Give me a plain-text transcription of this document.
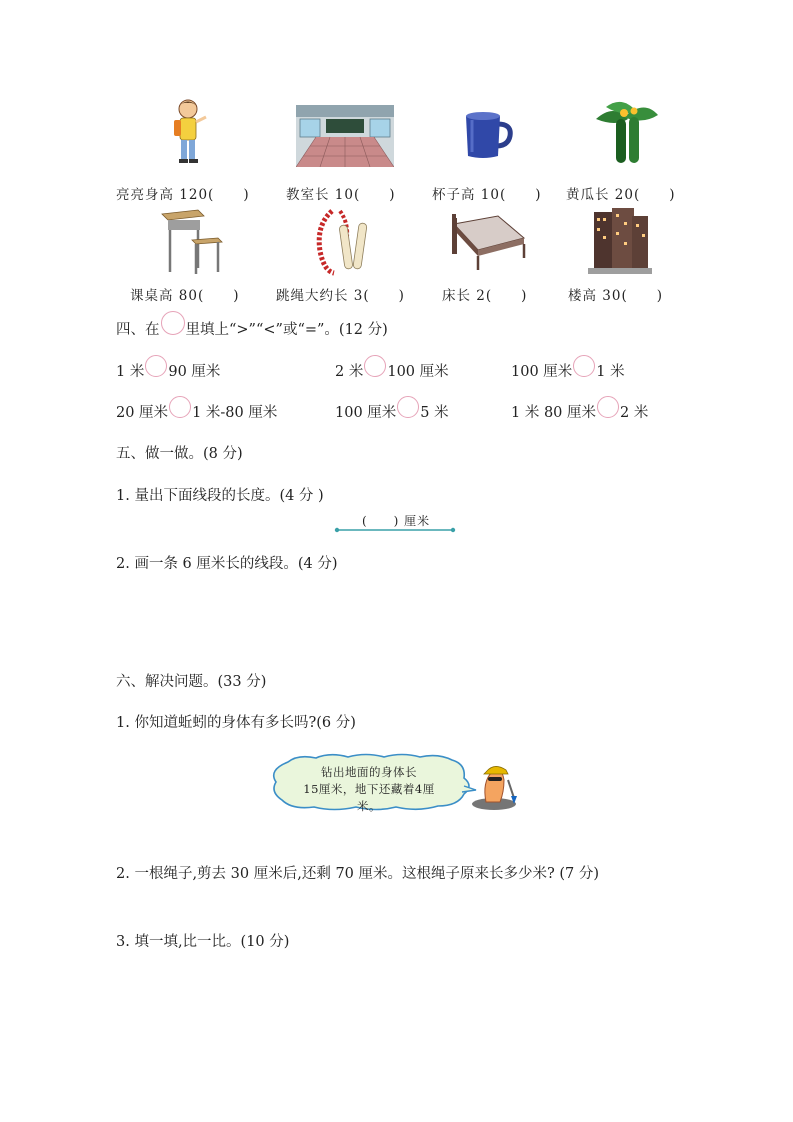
亮亮身高 120(　　)	教室长 10(　　)	杯子高 10(　　) 黄瓜长 20(　　)
课桌高 80(　　)	跳绳大约长 3(　　)	床长 2(　　)	楼高 30(　　)
四、在 里填上“>”“<”或“=”。(12 分)
1 米 90 厘米	2 米 100 厘米	100 厘米 1 米
20 厘米 1 米-80 厘米	100 厘米 5 米	1 米 80 厘米 2 米
五、做一做。(8 分)
1. 量出下面线段的长度。(4 分 )
(　　) 厘米
2. 画一条 6 厘米长的线段。(4 分)
六、解决问题。(33 分)
1. 你知道蚯蚓的身体有多长吗?(6 分)
钻出地面的身体长
15厘米，地下还藏着4厘米。
2. 一根绳子,剪去 30 厘米后,还剩 70 厘米。这根绳子原来长多少米? (7 分)
3. 填一填,比一比。(10 分)
